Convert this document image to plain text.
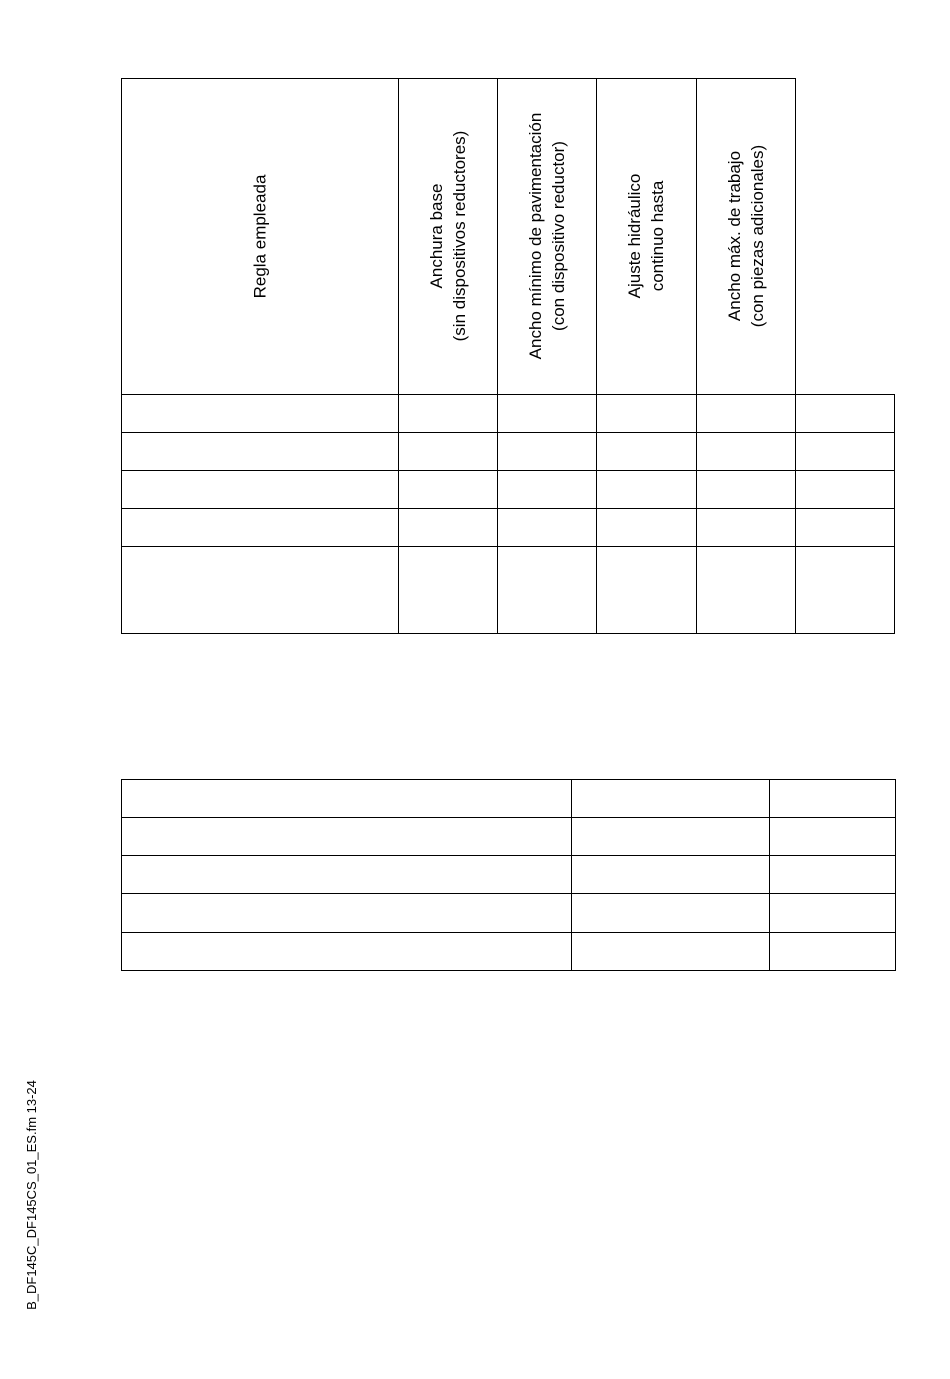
Regla empleada	Anchura base (sin dispositivos reductores)	Ancho mínimo de pavimentación (con dispositivo reductor)	Ajuste hidráulico continuo hasta	Ancho máx. de trabajo (con piezas adicionales)
B_DF145C_DF145CS_01_ES.fm 13-24
